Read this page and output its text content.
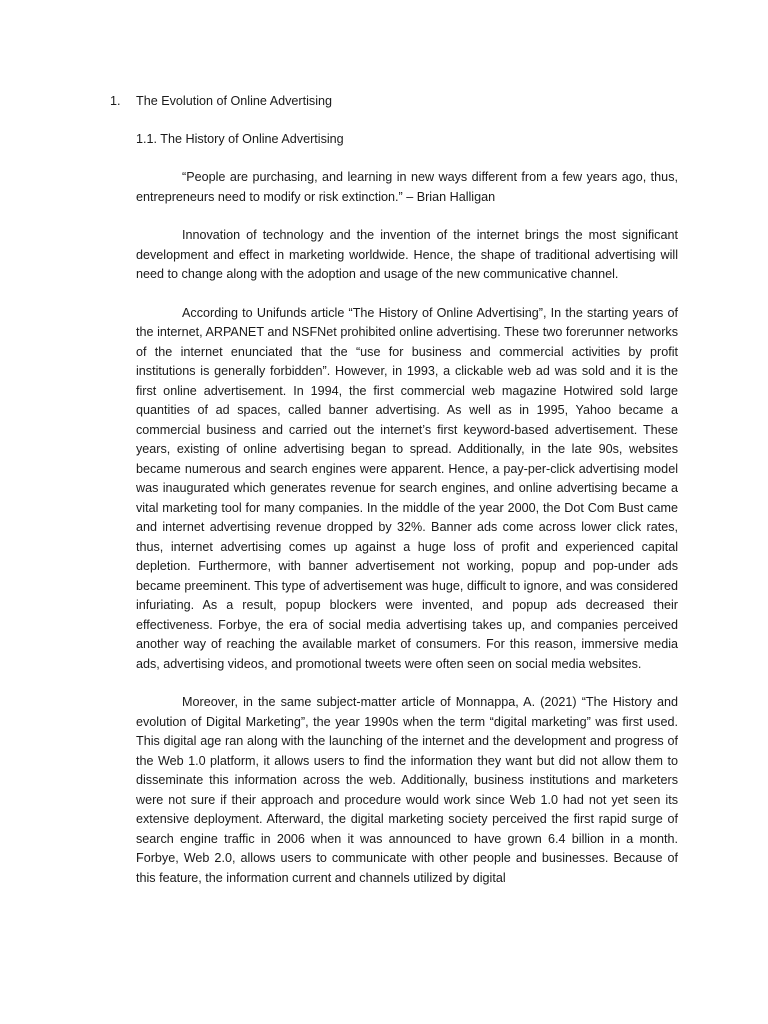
1. The Evolution of Online Advertising
1.1. The History of Online Advertising

“People are purchasing, and learning in new ways different from a few years ago, thus, entrepreneurs need to modify or risk extinction.” – Brian Halligan

Innovation of technology and the invention of the internet brings the most significant development and effect in marketing worldwide. Hence, the shape of traditional advertising will need to change along with the adoption and usage of the new communicative channel.

According to Unifunds article “The History of Online Advertising”, In the starting years of the internet, ARPANET and NSFNet prohibited online advertising. These two forerunner networks of the internet enunciated that the “use for business and commercial activities by profit institutions is generally forbidden”. However, in 1993, a clickable web ad was sold and it is the first online advertisement. In 1994, the first commercial web magazine Hotwired sold large quantities of ad spaces, called banner advertising. As well as in 1995, Yahoo became a commercial business and carried out the internet’s first keyword-based advertisement. These years, existing of online advertising began to spread. Additionally, in the late 90s, websites became numerous and search engines were apparent. Hence, a pay-per-click advertising model was inaugurated which generates revenue for search engines, and online advertising became a vital marketing tool for many companies. In the middle of the year 2000, the Dot Com Bust came and internet advertising revenue dropped by 32%. Banner ads come across lower click rates, thus, internet advertising comes up against a huge loss of profit and experienced capital depletion. Furthermore, with banner advertisement not working, popup and pop-under ads became preeminent. This type of advertisement was huge, difficult to ignore, and was considered infuriating. As a result, popup blockers were invented, and popup ads decreased their effectiveness. Forbye, the era of social media advertising takes up, and companies perceived another way of reaching the available market of consumers. For this reason, immersive media ads, advertising videos, and promotional tweets were often seen on social media websites.

Moreover, in the same subject-matter article of Monnappa, A. (2021) “The History and evolution of Digital Marketing”, the year 1990s when the term “digital marketing” was first used. This digital age ran along with the launching of the internet and the development and progress of the Web 1.0 platform, it allows users to find the information they want but did not allow them to disseminate this information across the web. Additionally, business institutions and marketers were not sure if their approach and procedure would work since Web 1.0 had not yet seen its extensive deployment. Afterward, the digital marketing society perceived the first rapid surge of search engine traffic in 2006 when it was announced to have grown 6.4 billion in a month. Forbye, Web 2.0, allows users to communicate with other people and businesses. Because of this feature, the information current and channels utilized by digital
